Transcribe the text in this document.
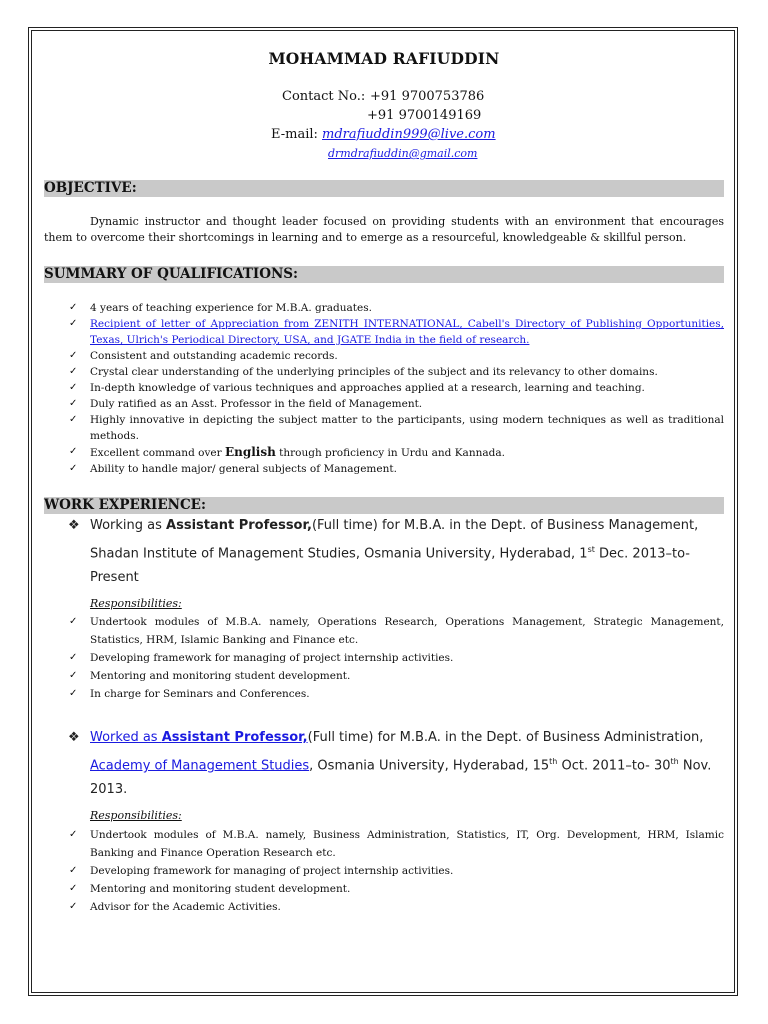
MOHAMMAD RAFIUDDIN
Contact No.: +91 9700753786
+91 9700149169
E-mail: mdrafiuddin999@live.com
drmdrafiuddin@gmail.com
OBJECTIVE:
Dynamic instructor and thought leader focused on providing students with an environment that encourages them to overcome their shortcomings in learning and to emerge as a resourceful, knowledgeable & skillful person.
SUMMARY OF QUALIFICATIONS:
✓ 4 years of teaching experience for M.B.A. graduates.
✓ Recipient of letter of Appreciation from ZENITH INTERNATIONAL, Cabell's Directory of Publishing Opportunities, Texas, Ulrich's Periodical Directory, USA, and JGATE India in the field of research.
✓ Consistent and outstanding academic records.
✓ Crystal clear understanding of the underlying principles of the subject and its relevancy to other domains.
✓ In-depth knowledge of various techniques and approaches applied at a research, learning and teaching.
✓ Duly ratified as an Asst. Professor in the field of Management.
✓ Highly innovative in depicting the subject matter to the participants, using modern techniques as well as traditional methods.
✓ Excellent command over English through proficiency in Urdu and Kannada.
✓ Ability to handle major/ general subjects of Management.
WORK EXPERIENCE:
❖ Working as Assistant Professor,(Full time) for M.B.A. in the Dept. of Business Management, Shadan Institute of Management Studies, Osmania University, Hyderabad, 1st Dec. 2013–to-Present
Responsibilities:
✓ Undertook modules of M.B.A. namely, Operations Research, Operations Management, Strategic Management, Statistics, HRM, Islamic Banking and Finance etc.
✓ Developing framework for managing of project internship activities.
✓ Mentoring and monitoring student development.
✓ In charge for Seminars and Conferences.
❖ Worked as Assistant Professor,(Full time) for M.B.A. in the Dept. of Business Administration, Academy of Management Studies, Osmania University, Hyderabad, 15th Oct. 2011–to- 30th Nov. 2013.
Responsibilities:
✓ Undertook modules of M.B.A. namely, Business Administration, Statistics, IT, Org. Development, HRM, Islamic Banking and Finance Operation Research etc.
✓ Developing framework for managing of project internship activities.
✓ Mentoring and monitoring student development.
✓ Advisor for the Academic Activities.
